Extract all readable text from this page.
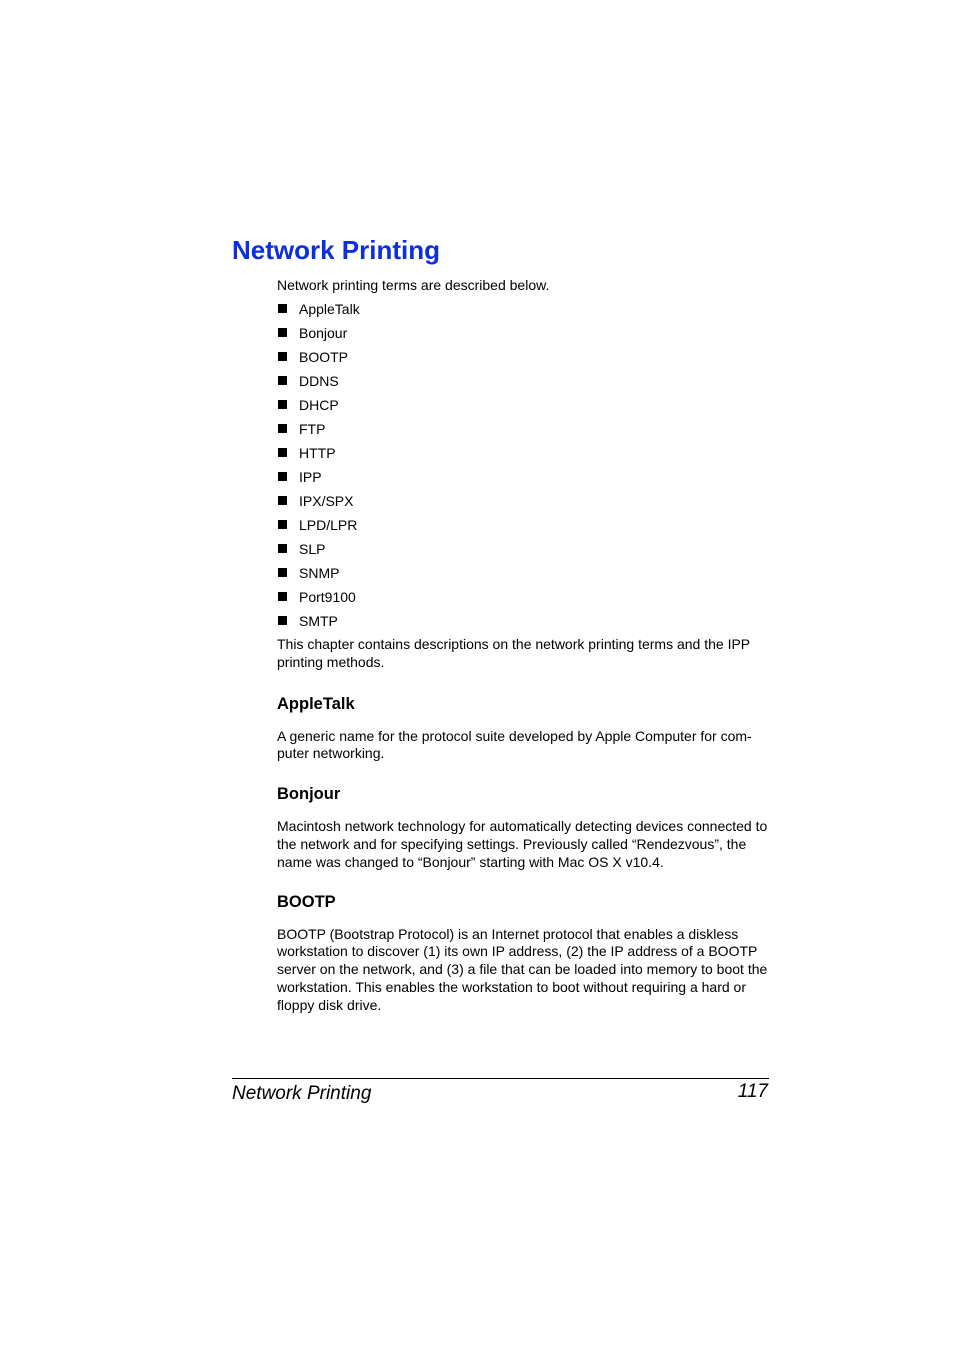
Network Printing

Network printing terms are described below.

AppleTalk
Bonjour
BOOTP
DDNS
DHCP
FTP
HTTP
IPP
IPX/SPX
LPD/LPR
SLP
SNMP
Port9100
SMTP

This chapter contains descriptions on the network printing terms and the IPP printing methods.

AppleTalk

A generic name for the protocol suite developed by Apple Computer for com-puter networking.

Bonjour

Macintosh network technology for automatically detecting devices connected to the network and for specifying settings. Previously called “Rendezvous”, the name was changed to “Bonjour” starting with Mac OS X v10.4.

BOOTP

BOOTP (Bootstrap Protocol) is an Internet protocol that enables a diskless workstation to discover (1) its own IP address, (2) the IP address of a BOOTP server on the network, and (3) a file that can be loaded into memory to boot the workstation. This enables the workstation to boot without requiring a hard or floppy disk drive.

Network Printing	117
